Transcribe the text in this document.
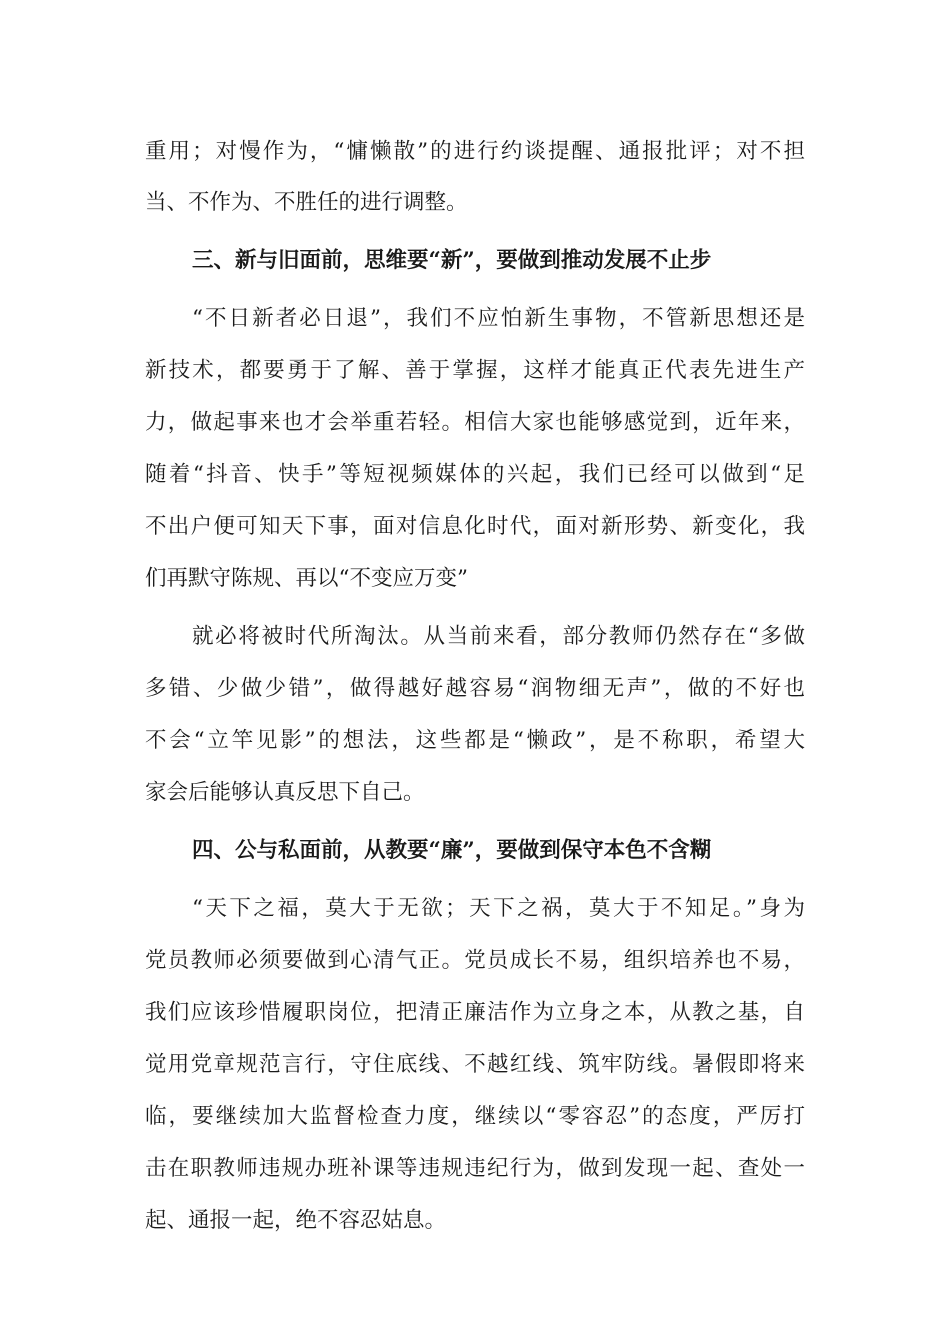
重用；对慢作为，“慵懒散”的进行约谈提醒、通报批评；对不担
当、不作为、不胜任的进行调整。
三、新与旧面前，思维要“新”，要做到推动发展不止步
“不日新者必日退”，我们不应怕新生事物，不管新思想还是
新技术，都要勇于了解、善于掌握，这样才能真正代表先进生产
力，做起事来也才会举重若轻。相信大家也能够感觉到，近年来，
随着“抖音、快手”等短视频媒体的兴起，我们已经可以做到“足
不出户便可知天下事，面对信息化时代，面对新形势、新变化，我
们再默守陈规、再以“不变应万变”
就必将被时代所淘汰。从当前来看，部分教师仍然存在“多做
多错、少做少错”，做得越好越容易“润物细无声”，做的不好也
不会“立竿见影”的想法，这些都是“懒政”，是不称职，希望大
家会后能够认真反思下自己。
四、公与私面前，从教要“廉”，要做到保守本色不含糊
“天下之福，莫大于无欲；天下之祸，莫大于不知足。”身为
党员教师必须要做到心清气正。党员成长不易，组织培养也不易，
我们应该珍惜履职岗位，把清正廉洁作为立身之本，从教之基，自
觉用党章规范言行，守住底线、不越红线、筑牢防线。暑假即将来
临，要继续加大监督检查力度，继续以“零容忍”的态度，严厉打
击在职教师违规办班补课等违规违纪行为，做到发现一起、查处一
起、通报一起，绝不容忍姑息。
